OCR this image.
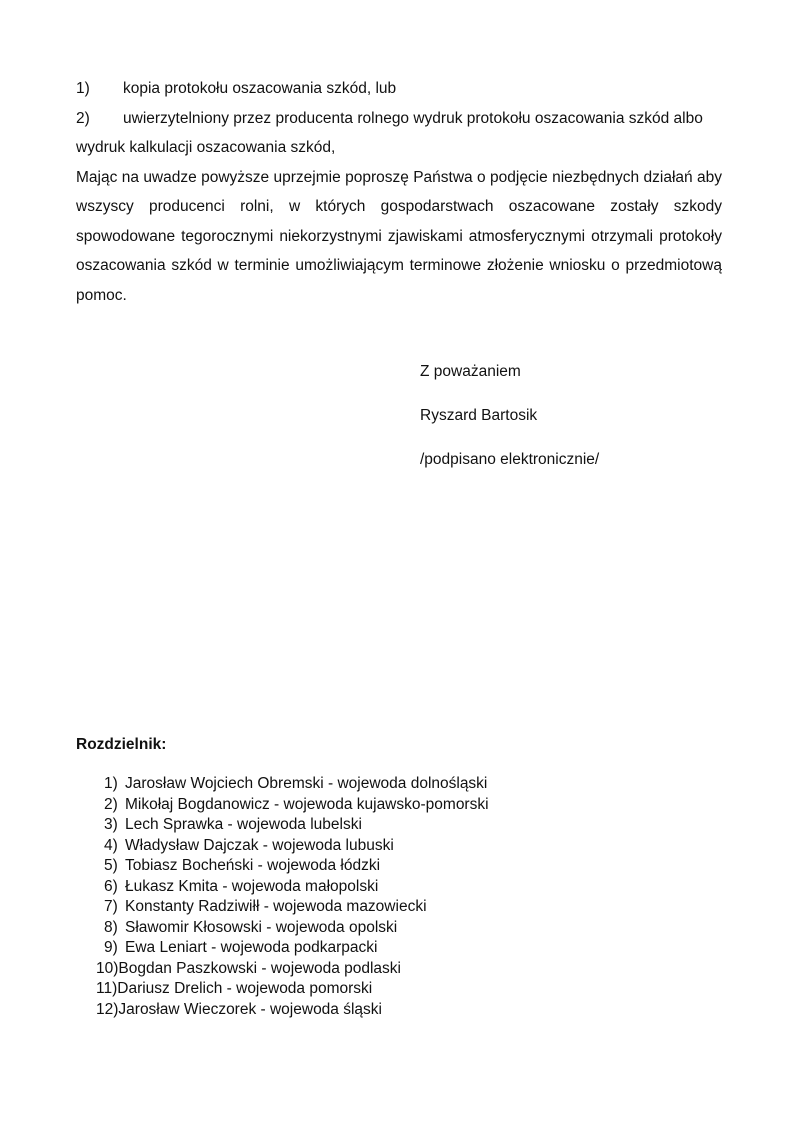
1)	kopia protokołu oszacowania szkód, lub
2)	uwierzytelniony przez producenta rolnego wydruk protokołu oszacowania szkód albo
wydruk kalkulacji oszacowania szkód,
Mając na uwadze powyższe uprzejmie poproszę Państwa o podjęcie niezbędnych działań aby wszyscy producenci rolni, w których gospodarstwach oszacowane zostały szkody spowodowane tegorocznymi niekorzystnymi zjawiskami atmosferycznymi otrzymali protokoły oszacowania szkód w terminie umożliwiającym terminowe złożenie wniosku o przedmiotową pomoc.
Z poważaniem
Ryszard Bartosik
/podpisano elektronicznie/
Rozdzielnik:
1) Jarosław Wojciech Obremski - wojewoda dolnośląski
2) Mikołaj Bogdanowicz - wojewoda kujawsko-pomorski
3) Lech Sprawka - wojewoda lubelski
4) Władysław Dajczak - wojewoda lubuski
5) Tobiasz Bocheński - wojewoda łódzki
6) Łukasz Kmita - wojewoda małopolski
7) Konstanty Radziwiłł - wojewoda mazowiecki
8) Sławomir Kłosowski - wojewoda opolski
9) Ewa Leniart - wojewoda podkarpacki
10) Bogdan Paszkowski - wojewoda podlaski
11) Dariusz Drelich - wojewoda pomorski
12) Jarosław Wieczorek - wojewoda śląski
